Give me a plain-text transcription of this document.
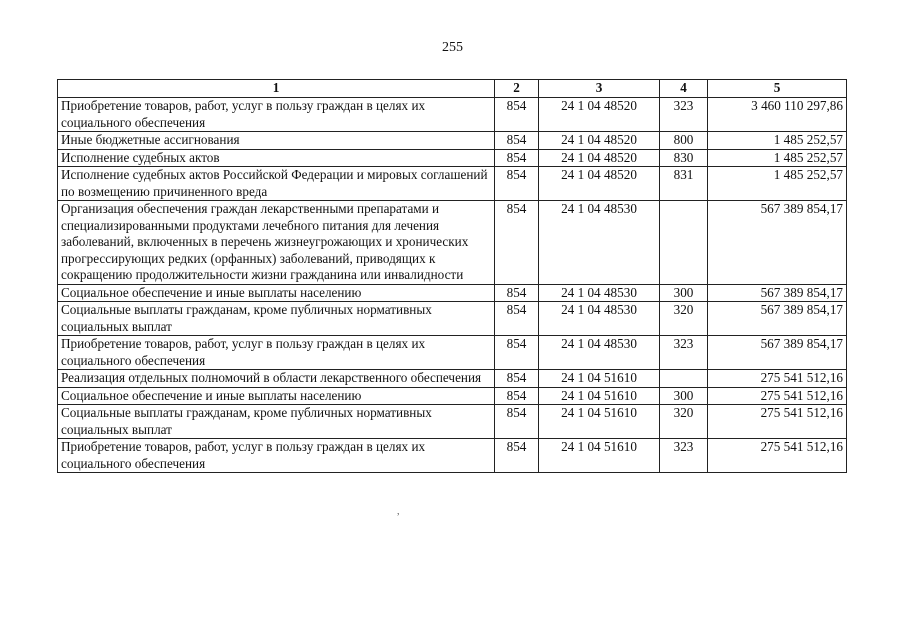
255
1	2	3	4	5
Приобретение товаров, работ, услуг в пользу граждан в целях их социального обеспечения	854	24 1 04 48520	323	3 460 110 297,86
Иные бюджетные ассигнования	854	24 1 04 48520	800	1 485 252,57
Исполнение судебных актов	854	24 1 04 48520	830	1 485 252,57
Исполнение судебных актов Российской Федерации и мировых соглашений по возмещению причиненного вреда	854	24 1 04 48520	831	1 485 252,57
Организация обеспечения граждан лекарственными препаратами и специализированными продуктами лечебного питания для лечения заболеваний, включенных в перечень жизнеугрожающих и хронических прогрессирующих редких (орфанных) заболеваний, приводящих к сокращению продолжительности жизни гражданина или инвалидности	854	24 1 04 48530		567 389 854,17
Социальное обеспечение и иные выплаты населению	854	24 1 04 48530	300	567 389 854,17
Социальные выплаты гражданам, кроме публичных нормативных социальных выплат	854	24 1 04 48530	320	567 389 854,17
Приобретение товаров, работ, услуг в пользу граждан в целях их социального обеспечения	854	24 1 04 48530	323	567 389 854,17
Реализация отдельных полномочий в области лекарственного обеспечения	854	24 1 04 51610		275 541 512,16
Социальное обеспечение и иные выплаты населению	854	24 1 04 51610	300	275 541 512,16
Социальные выплаты гражданам, кроме публичных нормативных социальных выплат	854	24 1 04 51610	320	275 541 512,16
Приобретение товаров, работ, услуг в пользу граждан в целях их социального обеспечения	854	24 1 04 51610	323	275 541 512,16
,
